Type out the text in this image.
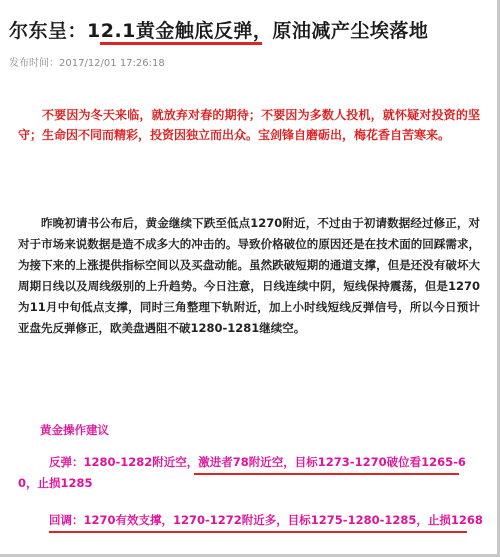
尔东呈：12.1黄金触底反弹，原油减产尘埃落地
发布时间：2017/12/01 17:26:18

不要因为冬天来临，就放弃对春的期待；不要因为多数人投机，就怀疑对投资的坚守；生命因不同而精彩，投资因独立而出众。宝剑锋自磨砺出，梅花香自苦寒来。

昨晚初请书公布后，黄金继续下跌至低点1270附近，不过由于初请数据经过修正，对对于市场来说数据是造不成多大的冲击的。导致价格破位的原因还是在技术面的回踩需求，为接下来的上涨提供指标空间以及买盘动能。虽然跌破短期的通道支撑，但是还没有破坏大周期日线以及周线级别的上升趋势。今日注意，日线连续中阴，短线保持震荡，但是1270为11月中旬低点支撑，同时三角整理下轨附近，加上小时线短线反弹信号，所以今日预计亚盘先反弹修正，欧美盘遇阻不破1280-1281继续空。

黄金操作建议

反弹：1280-1282附近空，激进者78附近空，目标1273-1270破位看1265-60，止损1285

回调：1270有效支撑，1270-1272附近多，目标1275-1280-1285，止损1268
